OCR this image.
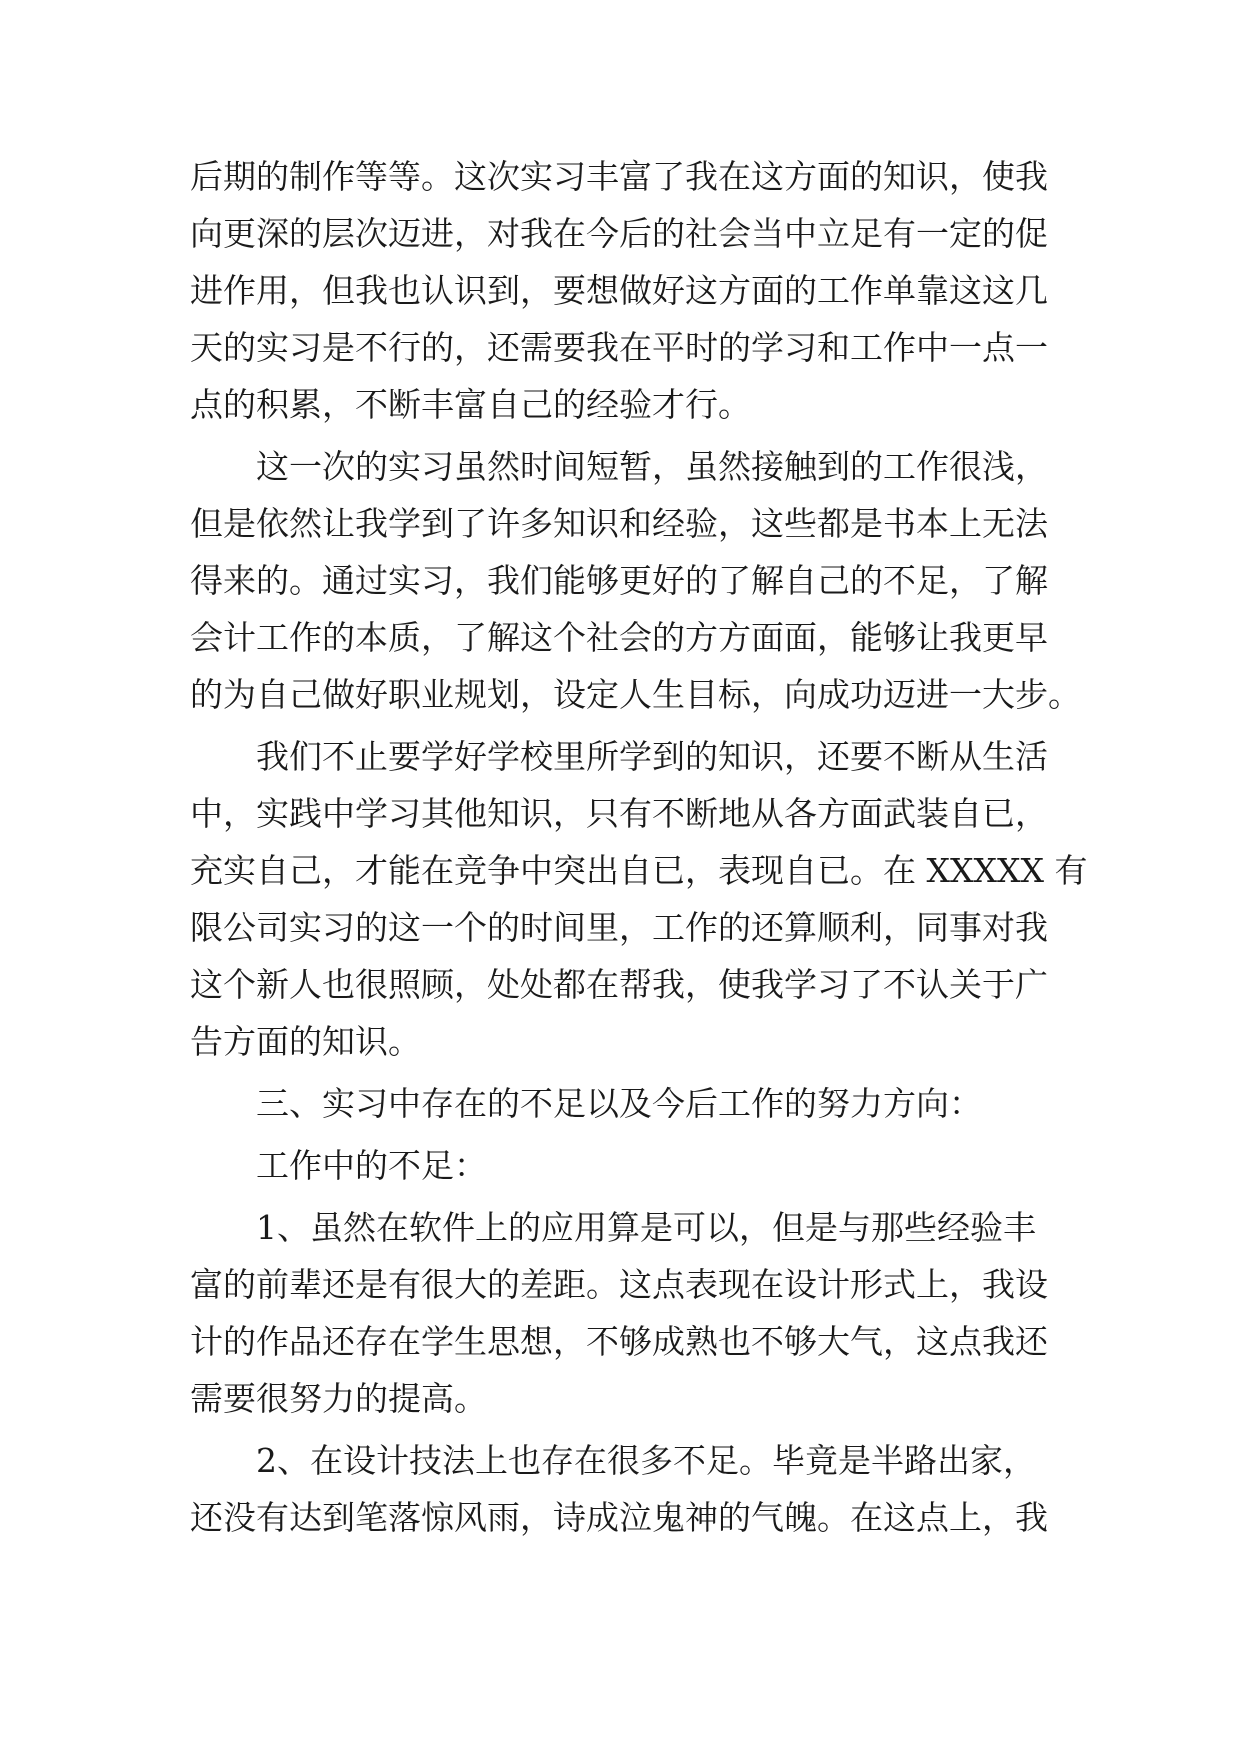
后期的制作等等。这次实习丰富了我在这方面的知识，使我
向更深的层次迈进，对我在今后的社会当中立足有一定的促
进作用，但我也认识到，要想做好这方面的工作单靠这这几
天的实习是不行的，还需要我在平时的学习和工作中一点一
点的积累，不断丰富自己的经验才行。
这一次的实习虽然时间短暂，虽然接触到的工作很浅，
但是依然让我学到了许多知识和经验，这些都是书本上无法
得来的。通过实习，我们能够更好的了解自己的不足，了解
会计工作的本质，了解这个社会的方方面面，能够让我更早
的为自己做好职业规划，设定人生目标，向成功迈进一大步。
我们不止要学好学校里所学到的知识，还要不断从生活
中，实践中学习其他知识，只有不断地从各方面武装自已，
充实自己，才能在竞争中突出自已，表现自已。在 XXXXX 有
限公司实习的这一个的时间里，工作的还算顺利，同事对我
这个新人也很照顾，处处都在帮我，使我学习了不认关于广
告方面的知识。
三、实习中存在的不足以及今后工作的努力方向：
工作中的不足：
1、虽然在软件上的应用算是可以，但是与那些经验丰
富的前辈还是有很大的差距。这点表现在设计形式上，我设
计的作品还存在学生思想，不够成熟也不够大气，这点我还
需要很努力的提高。
2、在设计技法上也存在很多不足。毕竟是半路出家，
还没有达到笔落惊风雨，诗成泣鬼神的气魄。在这点上，我
